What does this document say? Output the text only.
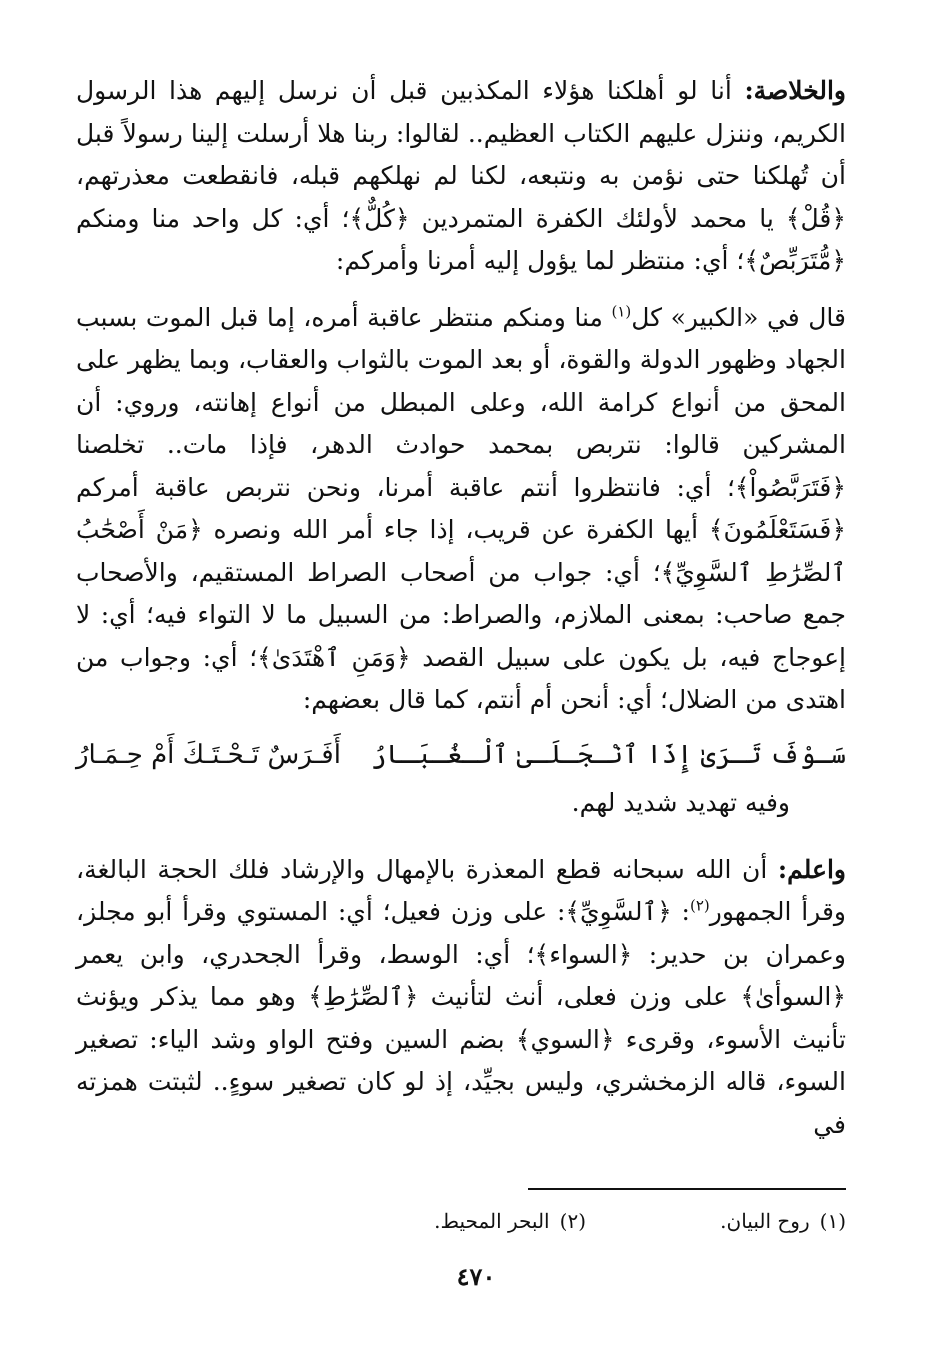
والخلاصة: أنا لو أهلكنا هؤلاء المكذبين قبل أن نرسل إليهم هذا الرسول الكريم، وننزل عليهم الكتاب العظيم.. لقالوا: ربنا هلا أرسلت إلينا رسولاً قبل أن تُهلكنا حتى نؤمن به ونتبعه، لكنا لم نهلكهم قبله، فانقطعت معذرتهم، ﴿قُلْ﴾ يا محمد لأولئك الكفرة المتمردين ﴿كُلٌّ﴾؛ أي: كل واحد منا ومنكم ﴿مُّتَرَبِّصٌ﴾؛ أي: منتظر لما يؤول إليه أمرنا وأمركم:

قال في «الكبير» كل$^{(١)}$ منا ومنكم منتظر عاقبة أمره، إما قبل الموت بسبب الجهاد وظهور الدولة والقوة، أو بعد الموت بالثواب والعقاب، وبما يظهر على المحق من أنواع كرامة الله، وعلى المبطل من أنواع إهانته، وروي: أن المشركين قالوا: نتربص بمحمد حوادث الدهر، فإذا مات.. تخلصنا ﴿فَتَرَبَّصُواْ﴾؛ أي: فانتظروا أنتم عاقبة أمرنا، ونحن نتربص عاقبة أمركم ﴿فَسَتَعْلَمُونَ﴾ أيها الكفرة عن قريب، إذا جاء أمر الله ونصره ﴿مَنْ أَصْحَٰبُ ٱلصِّرَٰطِ ٱلسَّوِيِّ﴾؛ أي: جواب من أصحاب الصراط المستقيم، والأصحاب جمع صاحب: بمعنى الملازم، والصراط: من السبيل ما لا التواء فيه؛ أي: لا إعوجاج فيه، بل يكون على سبيل القصد ﴿وَمَنِ ٱهْتَدَىٰ﴾؛ أي: وجواب من اهتدى من الضلال؛ أي: أنحن أم أنتم، كما قال بعضهم:

سَـوْفَ تَـرَىٰ إِذَا ٱنْـجَـلَـىٰ ٱلْـغُـبَـارُ
أَفَـرَسٌ تَـحْـتَـكَ أَمْ حِـمَـارُ

وفيه تهديد شديد لهم.

واعلم: أن الله سبحانه قطع المعذرة بالإمهال والإرشاد فلك الحجة البالغة، وقرأ الجمهور$^{(٢)}$: ﴿ٱلسَّوِيِّ﴾: على وزن فعيل؛ أي: المستوي وقرأ أبو مجلز، وعمران بن حدير: ﴿السواء﴾؛ أي: الوسط، وقرأ الجحدري، وابن يعمر ﴿السوأىٰ﴾ على وزن فعلى، أنث لتأنيث ﴿ٱلصِّرَٰطِ﴾ وهو مما يذكر ويؤنث تأنيث الأسوء، وقرىء ﴿السوي﴾ بضم السين وفتح الواو وشد الياء: تصغير السوء، قاله الزمخشري، وليس بجيِّد، إذ لو كان تصغير سوءٍ.. لثبتت همزته في

(١)
روح البيان.
(٢)
البحر المحيط.
٤٧٠
